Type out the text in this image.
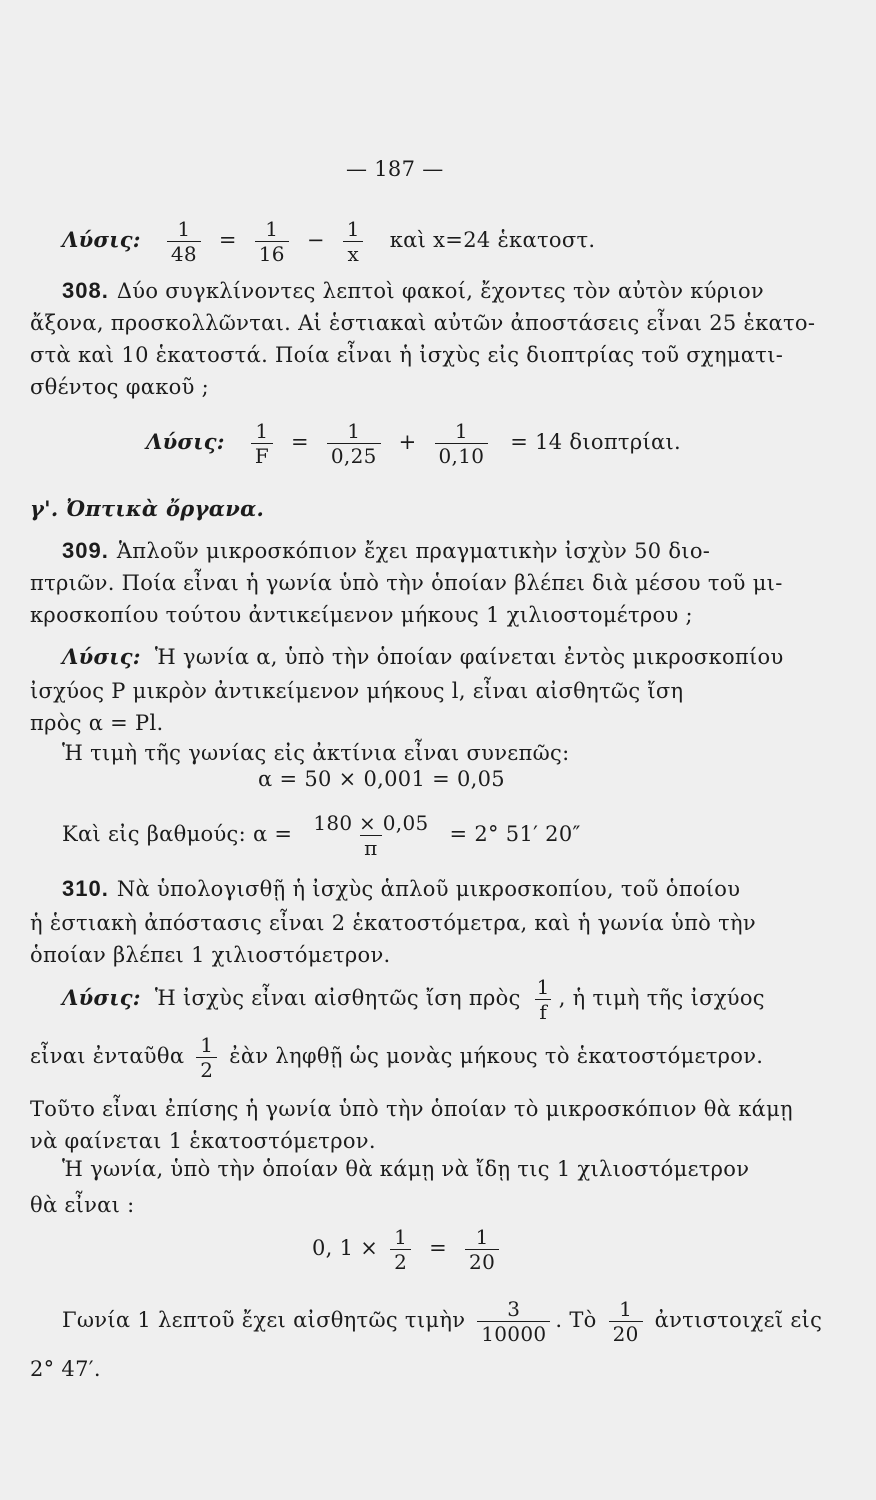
— 187 —
Λύσις: $\frac{1}{48} = \frac{1}{16} - \frac{1}{x}$ καὶ x=24 ἑκατοστ.
308. Δύο συγκλίνοντες λεπτοὶ φακοί, ἔχοντες τὸν αὐτὸν κύριον
ἄξονα, προσκολλῶνται. Αἱ ἑστιακαὶ αὐτῶν ἀποστάσεις εἶναι 25 ἑκατο-
στὰ καὶ 10 ἑκατοστά. Ποία εἶναι ἡ ἰσχὺς εἰς διοπτρίας τοῦ σχηματι-
σθέντος φακοῦ ;
Λύσις: $\frac{1}{F} = \frac{1}{0,25} + \frac{1}{0,10} = 14$ διοπτρίαι.
γ'. Ὀπτικὰ ὄργανα.
309. Ἁπλοῦν μικροσκόπιον ἔχει πραγματικὴν ἰσχὺν 50 διο-
πτριῶν. Ποία εἶναι ἡ γωνία ὑπὸ τὴν ὁποίαν βλέπει διὰ μέσου τοῦ μι-
κροσκοπίου τούτου ἀντικείμενον μήκους 1 χιλιοστομέτρου ;
Λύσις: Ἡ γωνία α, ὑπὸ τὴν ὁποίαν φαίνεται ἐντὸς μικροσκοπίου
ἰσχύος P μικρὸν ἀντικείμενον μήκους l, εἶναι αἰσθητῶς ἴση
πρὸς α = Pl.
Ἡ τιμὴ τῆς γωνίας εἰς ἀκτίνια εἶναι συνεπῶς:
α = 50 × 0,001 = 0,05
Καὶ εἰς βαθμούς: $\alpha = \frac{180 \times 0,05}{\pi} = 2^\circ$ 51′ 20″
310. Νὰ ὑπολογισθῇ ἡ ἰσχὺς ἁπλοῦ μικροσκοπίου, τοῦ ὁποίου
ἡ ἑστιακὴ ἀπόστασις εἶναι 2 ἑκατοστόμετρα, καὶ ἡ γωνία ὑπὸ τὴν
ὁποίαν βλέπει 1 χιλιοστόμετρον.
Λύσις: Ἡ ἰσχὺς εἶναι αἰσθητῶς ἴση πρὸς $\frac{1}{f}$ , ἡ τιμὴ τῆς ἰσχύος
εἶναι ἐνταῦθα $\frac{1}{2}$ ἐὰν ληφθῇ ὡς μονὰς μήκους τὸ ἑκατοστόμετρον.
Τοῦτο εἶναι ἐπίσης ἡ γωνία ὑπὸ τὴν ὁποίαν τὸ μικροσκόπιον θὰ κάμῃ
νὰ φαίνεται 1 ἑκατοστόμετρον.
Ἡ γωνία, ὑπὸ τὴν ὁποίαν θὰ κάμῃ νὰ ἴδῃ τις 1 χιλιοστόμετρον
θὰ εἶναι :
0, $1 \times \frac{1}{2} = \frac{1}{20}$
Γωνία 1 λεπτοῦ ἔχει αἰσθητῶς τιμὴν $\frac{3}{10000}$ . Τὸ $\frac{1}{20}$ ἀντιστοιχεῖ εἰς
2° 47′.
